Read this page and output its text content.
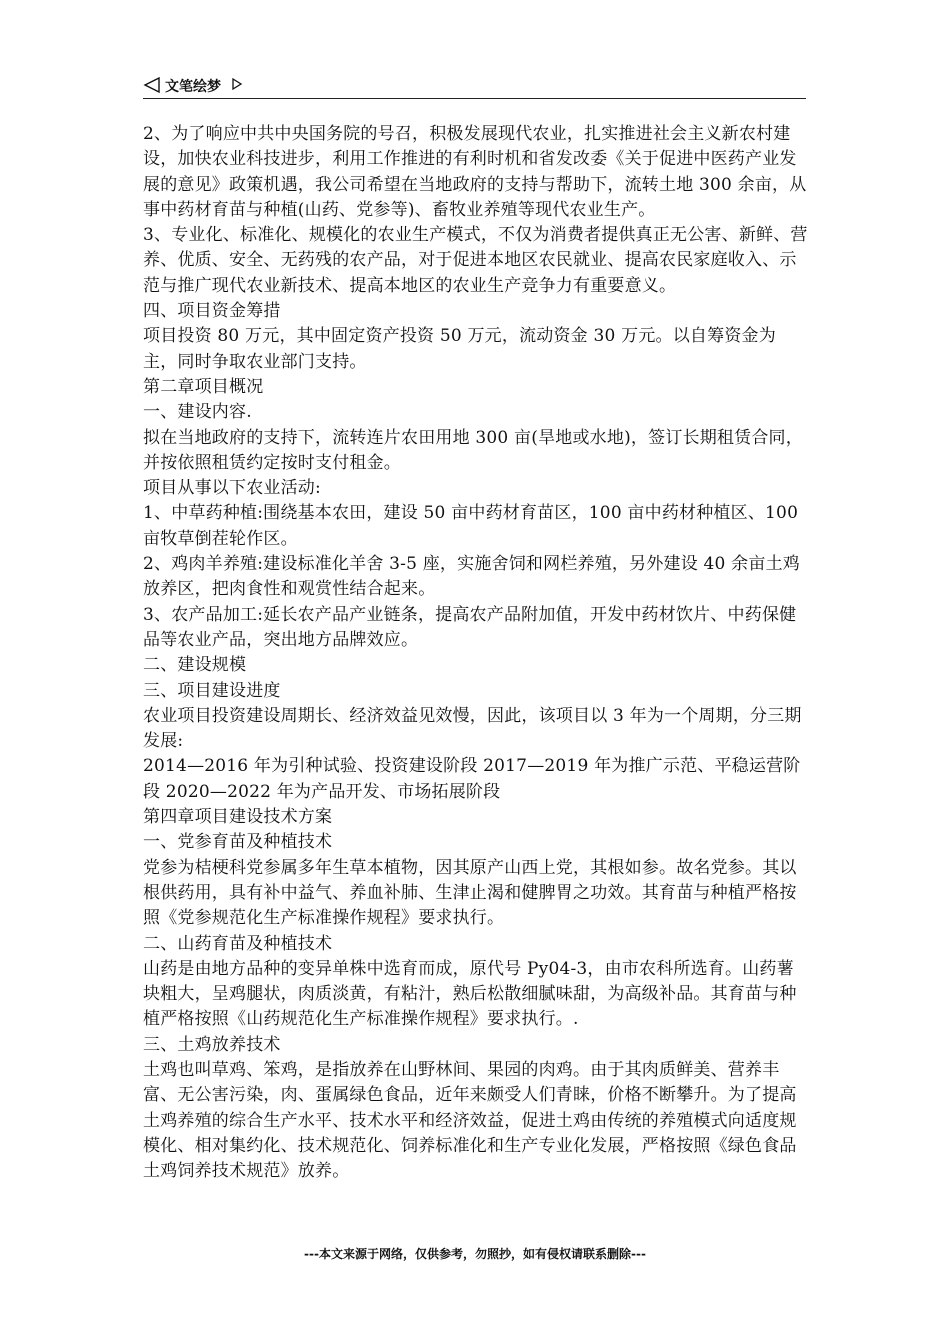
文笔绘梦

2、为了响应中共中央国务院的号召，积极发展现代农业，扎实推进社会主义新农村建设，加快农业科技进步，利用工作推进的有利时机和省发改委《关于促进中医药产业发展的意见》政策机遇，我公司希望在当地政府的支持与帮助下，流转土地 300 余亩，从事中药材育苗与种植(山药、党参等)、畜牧业养殖等现代农业生产。

3、专业化、标准化、规模化的农业生产模式，不仅为消费者提供真正无公害、新鲜、营养、优质、安全、无药残的农产品，对于促进本地区农民就业、提高农民家庭收入、示范与推广现代农业新技术、提高本地区的农业生产竞争力有重要意义。

四、项目资金筹措

项目投资 80 万元，其中固定资产投资 50 万元，流动资金 30 万元。以自筹资金为主，同时争取农业部门支持。

第二章项目概况

一、建设内容.

拟在当地政府的支持下，流转连片农田用地 300 亩(旱地或水地)，签订长期租赁合同，并按依照租赁约定按时支付租金。

项目从事以下农业活动:

1、中草药种植:围绕基本农田，建设 50 亩中药材育苗区，100 亩中药材种植区、100 亩牧草倒茬轮作区。

2、鸡肉羊养殖:建设标准化羊舍 3-5 座，实施舍饲和网栏养殖，另外建设 40 余亩土鸡放养区，把肉食性和观赏性结合起来。

3、农产品加工:延长农产品产业链条，提高农产品附加值，开发中药材饮片、中药保健品等农业产品，突出地方品牌效应。

二、建设规模

三、项目建设进度

农业项目投资建设周期长、经济效益见效慢，因此，该项目以 3 年为一个周期，分三期发展:

2014—2016 年为引种试验、投资建设阶段 2017—2019 年为推广示范、平稳运营阶段 2020—2022 年为产品开发、市场拓展阶段

第四章项目建设技术方案

一、党参育苗及种植技术

党参为桔梗科党参属多年生草本植物，因其原产山西上党，其根如参。故名党参。其以根供药用，具有补中益气、养血补肺、生津止渴和健脾胃之功效。其育苗与种植严格按照《党参规范化生产标准操作规程》要求执行。

二、山药育苗及种植技术

山药是由地方品种的变异单株中选育而成，原代号 Py04-3，由市农科所选育。山药薯块粗大，呈鸡腿状，肉质淡黄，有粘汁，熟后松散细腻味甜，为高级补品。其育苗与种植严格按照《山药规范化生产标准操作规程》要求执行。.

三、土鸡放养技术

土鸡也叫草鸡、笨鸡，是指放养在山野林间、果园的肉鸡。由于其肉质鲜美、营养丰富、无公害污染，肉、蛋属绿色食品，近年来颇受人们青睐，价格不断攀升。为了提高土鸡养殖的综合生产水平、技术水平和经济效益，促进土鸡由传统的养殖模式向适度规模化、相对集约化、技术规范化、饲养标准化和生产专业化发展，严格按照《绿色食品土鸡饲养技术规范》放养。

---本文来源于网络，仅供参考，勿照抄，如有侵权请联系删除---
